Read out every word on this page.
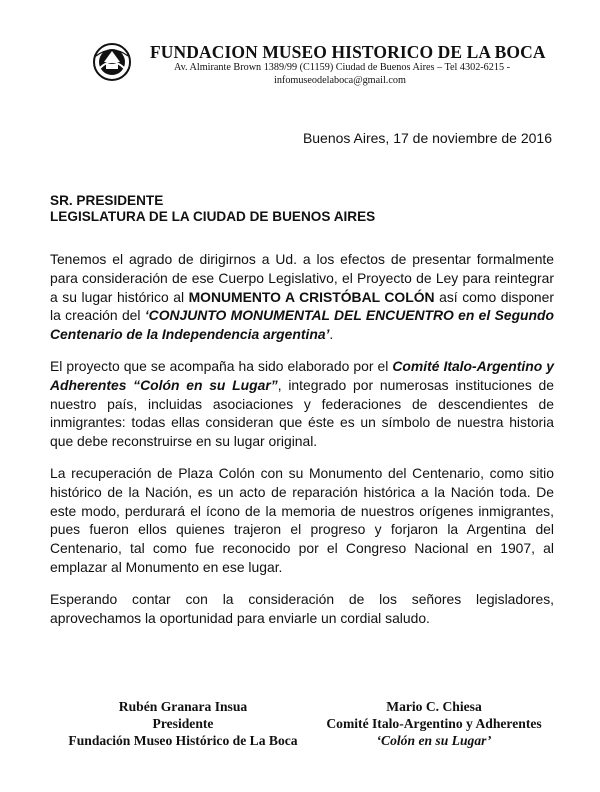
FUNDACION MUSEO HISTORICO DE LA BOCA
Av. Almirante Brown 1389/99 (C1159) Ciudad de Buenos Aires – Tel 4302-6215 -
infomuseodelaboca@gmail.com
Buenos Aires, 17 de noviembre de 2016
SR. PRESIDENTE
LEGISLATURA DE LA CIUDAD DE BUENOS AIRES

Tenemos el agrado de dirigirnos a Ud. a los efectos de presentar formalmente para consideración de ese Cuerpo Legislativo, el Proyecto de Ley para reintegrar a su lugar histórico al MONUMENTO A CRISTÓBAL COLÓN así como disponer la creación del ‘CONJUNTO MONUMENTAL DEL ENCUENTRO en el Segundo Centenario de la Independencia argentina’.

El proyecto que se acompaña ha sido elaborado por el Comité Italo-Argentino y Adherentes “Colón en su Lugar”, integrado por numerosas instituciones de nuestro país, incluidas asociaciones y federaciones de descendientes de inmigrantes: todas ellas consideran que éste es un símbolo de nuestra historia que debe reconstruirse en su lugar original.

La recuperación de Plaza Colón con su Monumento del Centenario, como sitio histórico de la Nación, es un acto de reparación histórica a la Nación toda. De este modo, perdurará el ícono de la memoria de nuestros orígenes inmigrantes, pues fueron ellos quienes trajeron el progreso y forjaron la Argentina del Centenario, tal como fue reconocido por el Congreso Nacional en 1907, al emplazar al Monumento en ese lugar.

Esperando contar con la consideración de los señores legisladores, aprovechamos la oportunidad para enviarle un cordial saludo.

Rubén Granara Insua
Presidente
Fundación Museo Histórico de La Boca
Mario C. Chiesa
Comité Italo-Argentino y Adherentes
‘Colón en su Lugar’
